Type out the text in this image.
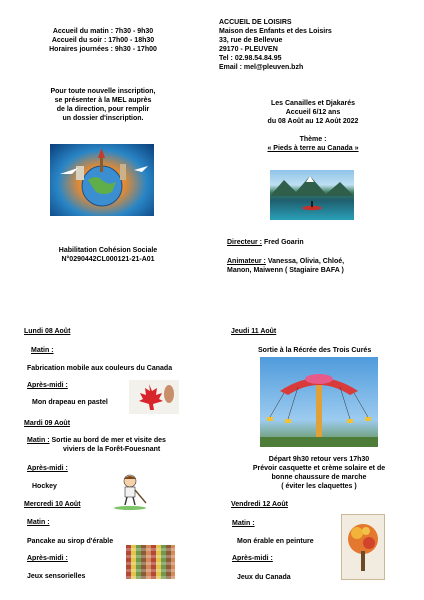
Accueil du matin : 7h30 - 9h30
Accueil du soir : 17h00 - 18h30
Horaires journées : 9h30 - 17h00
ACCUEIL DE LOISIRS
Maison des Enfants et des Loisirs
33, rue de Bellevue
29170 - PLEUVEN
Tel : 02.98.54.84.95
Email : mel@pleuven.bzh
Pour toute nouvelle inscription,
se présenter à la MEL auprès
de la direction, pour remplir
un dossier d'inscription.
Les Canailles et Djakarés
Accueil 6/12 ans
du 08 Août au 12 Août 2022
Thème :
« Pieds à terre au Canada »
Habilitation Cohésion Sociale
N°0290442CL000121-21-A01
Directeur : Fred Goarin
Animateur : Vanessa, Olivia, Chloé,
Manon, Maiwenn ( Stagiaire BAFA )
Lundi 08 Août
Matin :
Fabrication mobile aux couleurs du Canada
Après-midi :
Mon drapeau en pastel
Mardi 09 Août
Matin : Sortie au bord de mer et visite des
viviers de la Forêt-Fouesnant
Après-midi :
Hockey
Mercredi 10 Août
Matin :
Pancake au sirop d'érable
Après-midi :
Jeux sensorielles
Jeudi 11 Août
Sortie à la Récrée des Trois Curés
Départ 9h30 retour vers 17h30
Prévoir casquette et crème solaire et de
bonne chaussure de marche
( éviter les claquettes )
Vendredi 12 Août
Matin :
Mon érable en peinture
Après-midi :
Jeux du Canada
